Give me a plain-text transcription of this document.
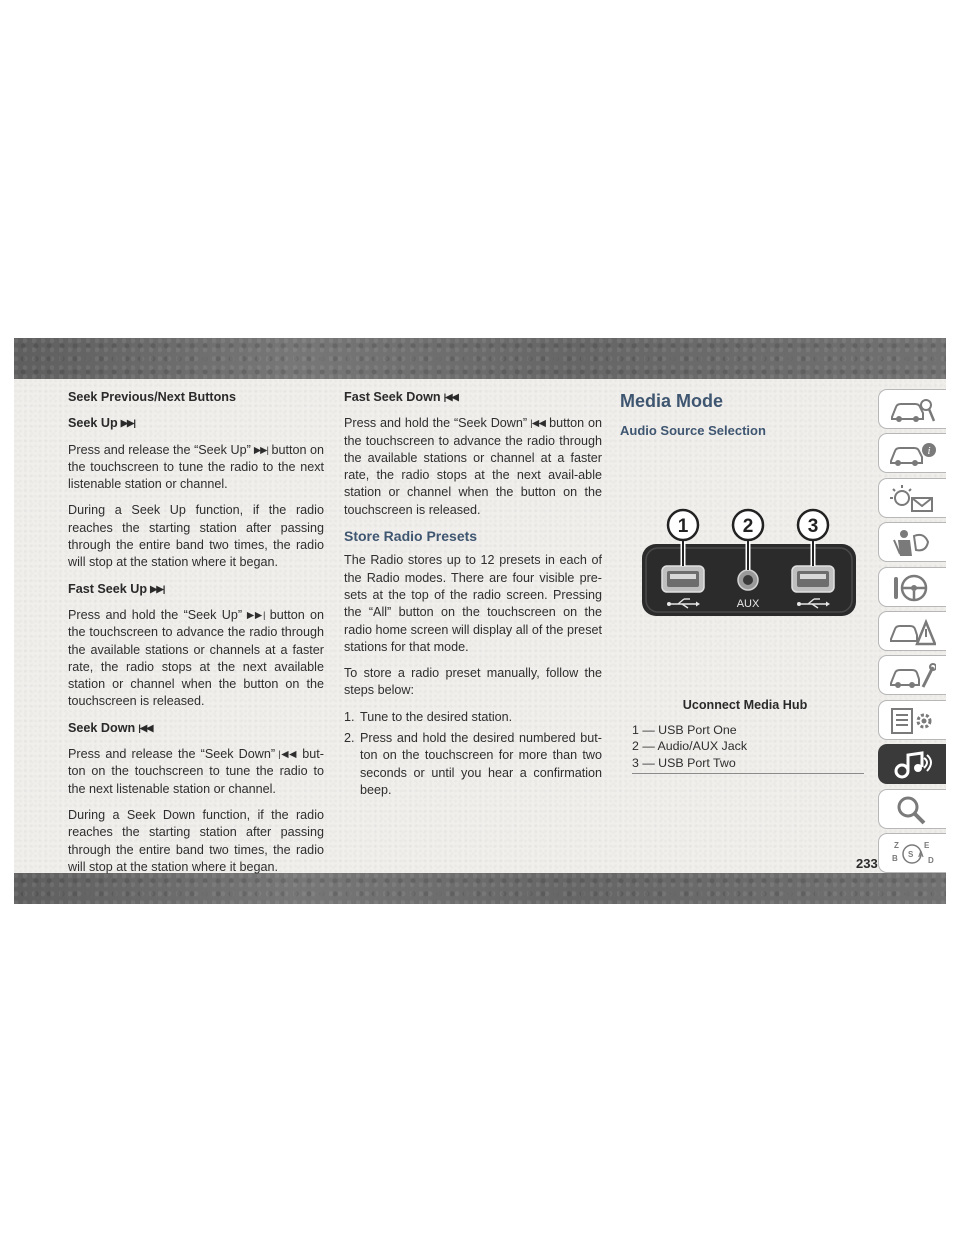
Seek Previous/Next Buttons
Seek Up ▶▶|

Press and release the “Seek Up” ▶▶| button on the touchscreen to tune the radio to the next listenable station or channel.

During a Seek Up function, if the radio reaches the starting station after passing through the entire band two times, the radio will stop at the station where it began.

Fast Seek Up ▶▶|

Press and hold the “Seek Up” ▶▶| button on the touchscreen to advance the radio through the available stations or channels at a faster rate, the radio stops at the next available station or channel when the button on the touchscreen is released.

Seek Down |◀◀

Press and release the “Seek Down” |◀◀ but-ton on the touchscreen to tune the radio to the next listenable station or channel.

During a Seek Down function, if the radio reaches the starting station after passing through the entire band two times, the radio will stop at the station where it began.

Fast Seek Down |◀◀

Press and hold the “Seek Down” |◀◀ button on the touchscreen to advance the radio through the available stations or channel at a faster rate, the radio stops at the next avail-able station or channel when the button on the touchscreen is released.

Store Radio Presets

The Radio stores up to 12 presets in each of the Radio modes. There are four visible pre-sets at the top of the radio screen. Pressing the “All” button on the touchscreen on the radio home screen will display all of the preset stations for that mode.

To store a radio preset manually, follow the steps below:

1. Tune to the desired station.
2. Press and hold the desired numbered but-ton on the touchscreen for more than two seconds or until you hear a confirmation beep.
Media Mode
Audio Source Selection
AUX
1	2	3
Uconnect Media Hub
1 — USB Port One
2 — Audio/AUX Jack
3 — USB Port Two
i
Z	E
B	D
S A
233
